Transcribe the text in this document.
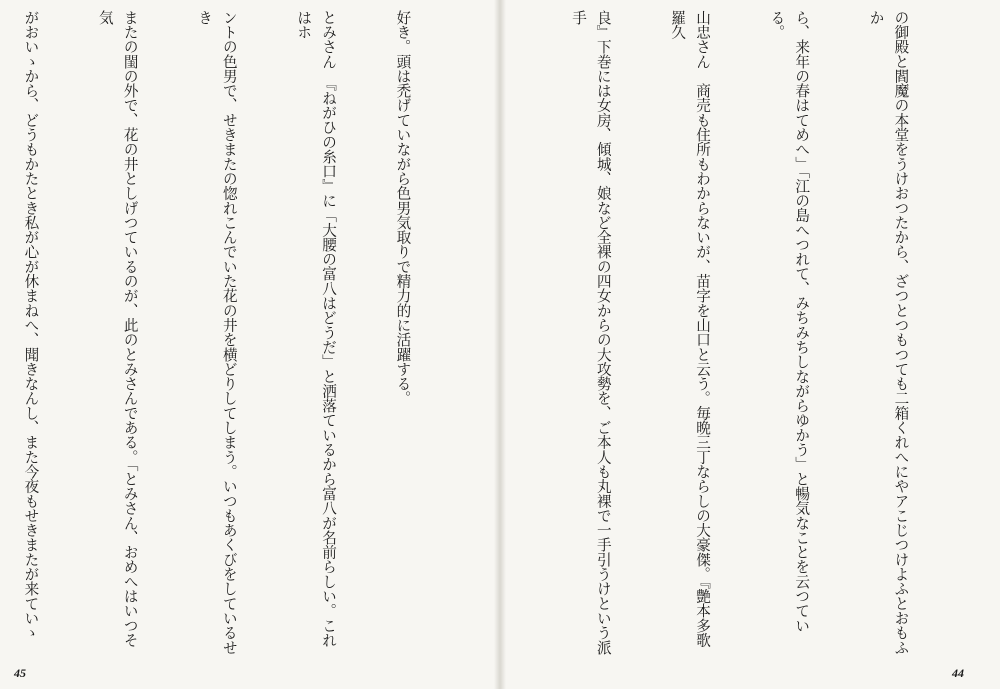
の御殿と閻魔の本堂をうけおつたから、ざつとつもつても二箱くれへにやアこじつけよふとおもふか

ら、来年の春はてめへ」「江の島へつれて、みちみちしながらゆかう」と暢気なことを云つている。

山忠さん　商売も住所もわからないが、苗字を山口と云う。毎晩三丁ならしの大豪傑。『艶本多歌羅久

良』下巻には女房、傾城、娘など全裸の四女からの大攻勢を、ご本人も丸裸で一手引うけという派手

44

好き。頭は禿げていながら色男気取りで精力的に活躍する。

とみさん　『ねがひの糸口』に「大腰の富八はどうだ」と洒落ているから富八が名前らしい。これはホ

ントの色男で、せきまたの惚れこんでいた花の井を横どりしてしまう。いつもあくびをしているせき

またの閨の外で、花の井としげつているのが、此のとみさんである。「とみさん、おめへはいつそ気

がおいゝから、どうもかたとき私が心が休まねへ、聞きなんし、また今夜もせきまたが来ていゝ

45
